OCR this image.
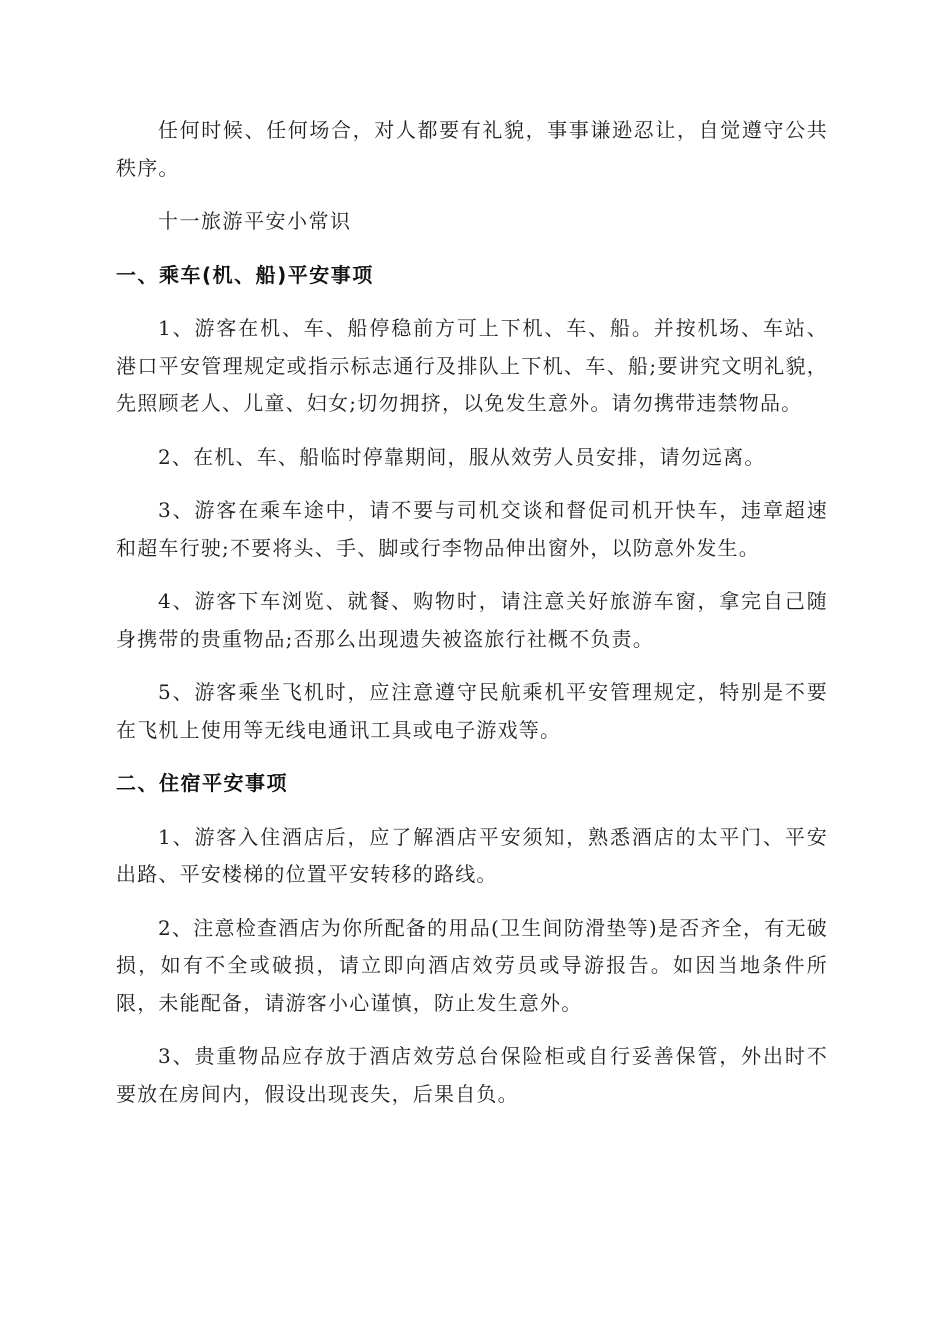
任何时候、任何场合，对人都要有礼貌，事事谦逊忍让，自觉遵守公共秩序。

十一旅游平安小常识

一、乘车(机、船)平安事项

1、游客在机、车、船停稳前方可上下机、车、船。并按机场、车站、港口平安管理规定或指示标志通行及排队上下机、车、船;要讲究文明礼貌，先照顾老人、儿童、妇女;切勿拥挤，以免发生意外。请勿携带违禁物品。

2、在机、车、船临时停靠期间，服从效劳人员安排，请勿远离。

3、游客在乘车途中，请不要与司机交谈和督促司机开快车，违章超速和超车行驶;不要将头、手、脚或行李物品伸出窗外，以防意外发生。

4、游客下车浏览、就餐、购物时，请注意关好旅游车窗，拿完自己随身携带的贵重物品;否那么出现遗失被盗旅行社概不负责。

5、游客乘坐飞机时，应注意遵守民航乘机平安管理规定，特别是不要在飞机上使用等无线电通讯工具或电子游戏等。

二、住宿平安事项

1、游客入住酒店后，应了解酒店平安须知，熟悉酒店的太平门、平安出路、平安楼梯的位置平安转移的路线。

2、注意检查酒店为你所配备的用品(卫生间防滑垫等)是否齐全，有无破损，如有不全或破损，请立即向酒店效劳员或导游报告。如因当地条件所限，未能配备，请游客小心谨慎，防止发生意外。

3、贵重物品应存放于酒店效劳总台保险柜或自行妥善保管，外出时不要放在房间内，假设出现丧失，后果自负。
